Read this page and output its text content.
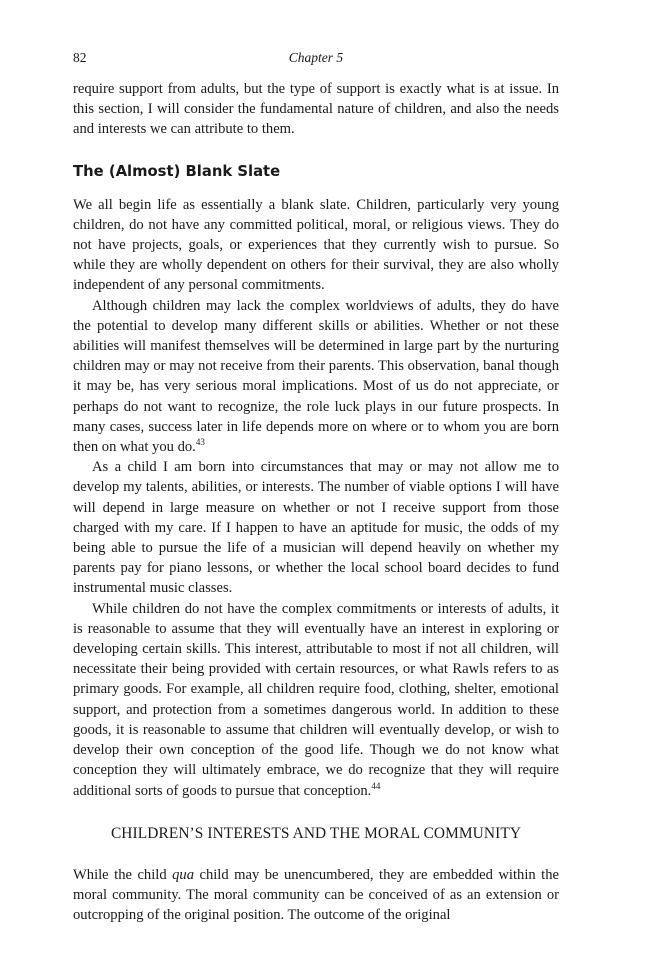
82	Chapter 5

require support from adults, but the type of support is exactly what is at issue. In this section, I will consider the fundamental nature of children, and also the needs and interests we can attribute to them.

The (Almost) Blank Slate

We all begin life as essentially a blank slate. Children, particularly very young children, do not have any committed political, moral, or religious views. They do not have projects, goals, or experiences that they currently wish to pursue. So while they are wholly dependent on others for their survival, they are also wholly independent of any personal commitments.

Although children may lack the complex worldviews of adults, they do have the potential to develop many different skills or abilities. Whether or not these abilities will manifest themselves will be determined in large part by the nurturing children may or may not receive from their parents. This observation, banal though it may be, has very serious moral implications. Most of us do not appreciate, or perhaps do not want to recognize, the role luck plays in our future prospects. In many cases, success later in life depends more on where or to whom you are born then on what you do.$^{43}$

As a child I am born into circumstances that may or may not allow me to develop my talents, abilities, or interests. The number of viable options I will have will depend in large measure on whether or not I receive support from those charged with my care. If I happen to have an aptitude for music, the odds of my being able to pursue the life of a musician will depend heavily on whether my parents pay for piano lessons, or whether the local school board decides to fund instrumental music classes.

While children do not have the complex commitments or interests of adults, it is reasonable to assume that they will eventually have an interest in exploring or developing certain skills. This interest, attributable to most if not all children, will necessitate their being provided with certain resources, or what Rawls refers to as primary goods. For example, all children require food, clothing, shelter, emotional support, and protection from a sometimes dangerous world. In addition to these goods, it is reasonable to assume that children will eventually develop, or wish to develop their own conception of the good life. Though we do not know what conception they will ultimately embrace, we do recognize that they will require additional sorts of goods to pursue that conception.$^{44}$

CHILDREN’S INTERESTS AND THE MORAL COMMUNITY

While the child qua child may be unencumbered, they are embedded within the moral community. The moral community can be conceived of as an extension or outcropping of the original position. The outcome of the original
